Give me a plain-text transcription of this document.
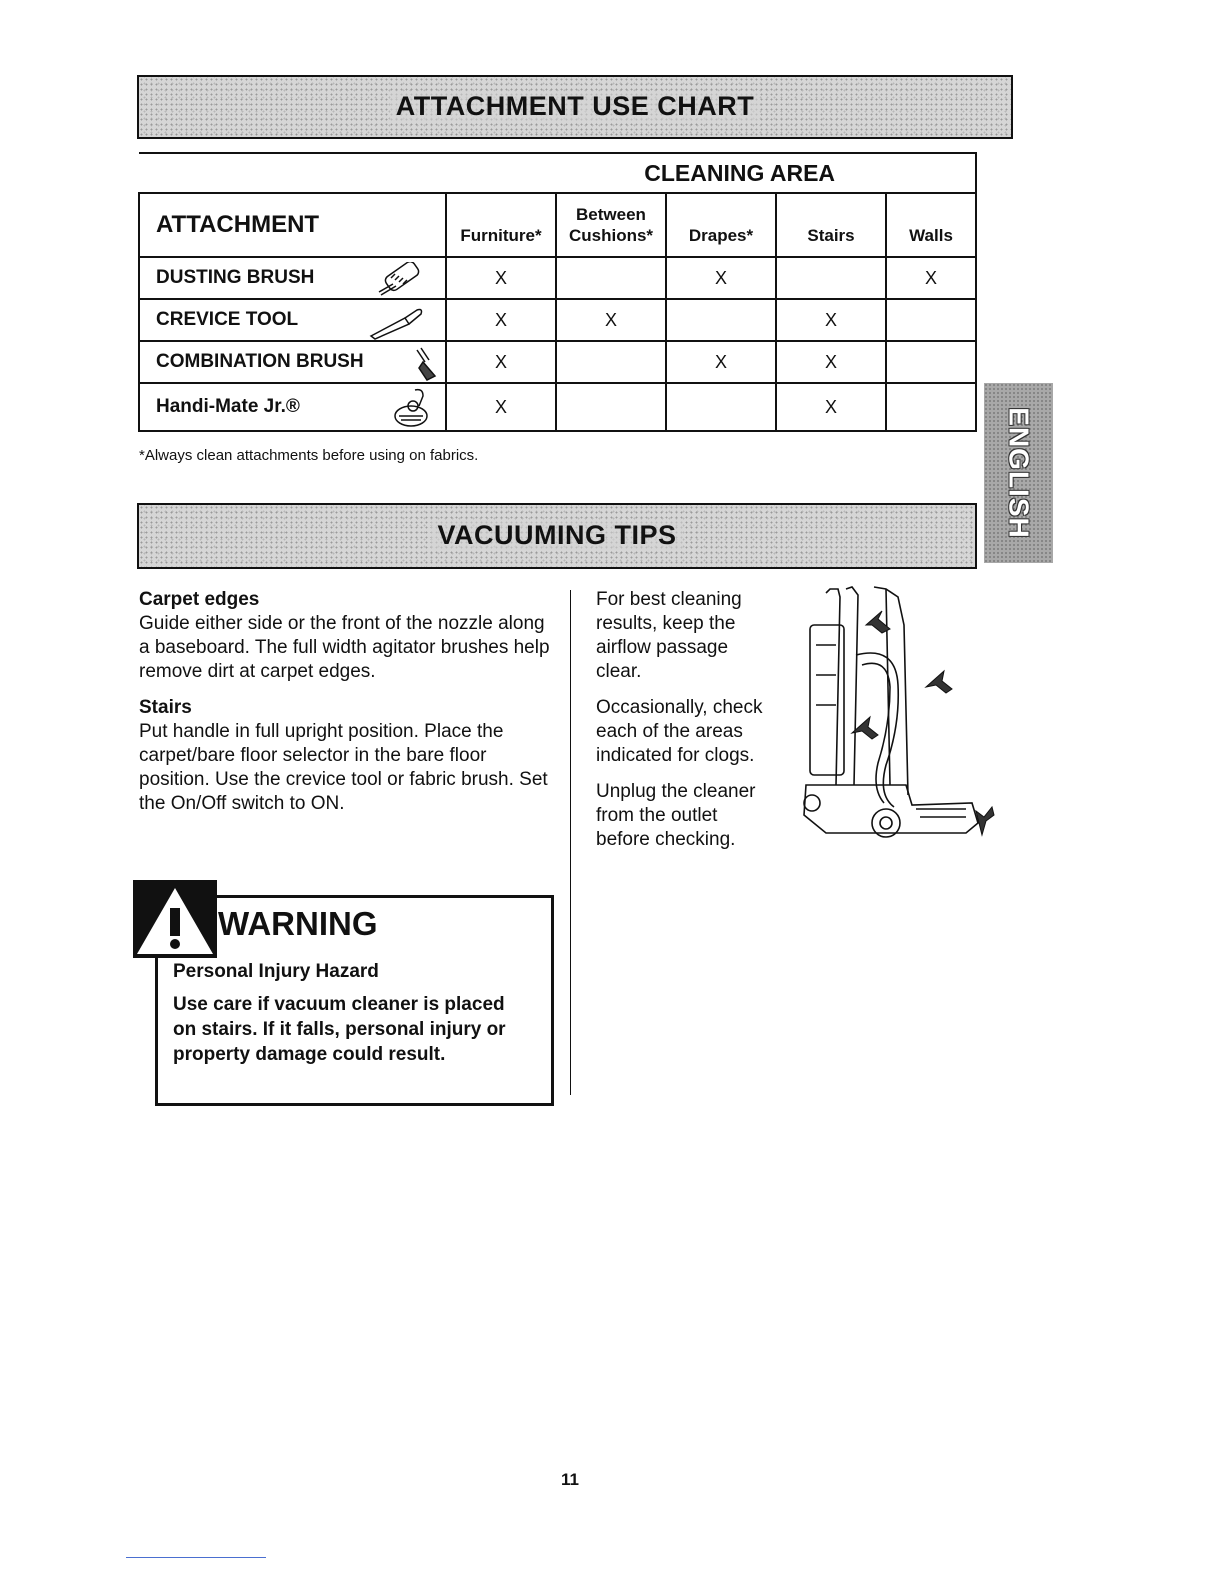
ATTACHMENT USE CHART
CLEANING AREA					
ATTACHMENT	Furniture*	Between
Cushions*	Drapes*	Stairs	Walls

DUSTING BRUSH	X		X		X
CREVICE TOOL	X	X		X	
COMBINATION BRUSH	X		X	X	
Handi-Mate Jr.®	X			X	
*Always clean attachments before using on fabrics.	ENGLISH
VACUUMING TIPS
Carpet edges

Guide either side or the front of the nozzle along a baseboard. The full width agitator brushes help remove dirt at carpet edges.

Stairs

Put handle in full upright position. Place the carpet/bare floor selector in the bare floor position. Use the crevice tool or fabric brush. Set the On/Off switch to ON.

For best cleaning results, keep the airflow passage clear.

Occasionally, check each of the areas indicated for clogs.

Unplug the cleaner from the outlet before checking.

WARNING
Personal Injury Hazard
Use care if vacuum cleaner is placed on stairs. If it falls, personal injury or property damage could result.
11
